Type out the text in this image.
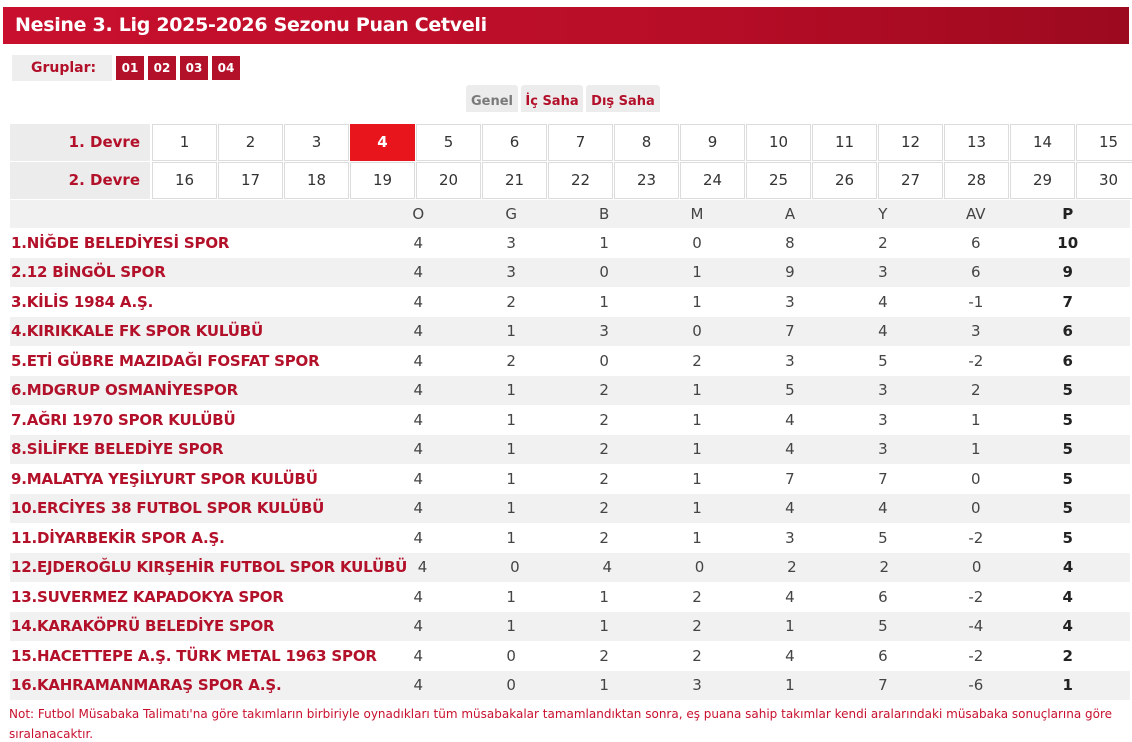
Nesine 3. Lig 2025-2026 Sezonu Puan Cetveli
Gruplar:	01	02	03	04
Genel İç Saha Dış Saha
1. Devre	1	2	3	4	5	6	7	8	9	10	11	12	13	14	15
2. Devre	16	17	18	19	20	21	22	23	24	25	26	27	28	29	30
O	G	B	M	A	Y	AV	P
1.NİĞDE BELEDİYESİ SPOR	4	3	1	0	8	2	6	10
2.12 BİNGÖL SPOR	4	3	0	1	9	3	6	9
3.KİLİS 1984 A.Ş.	4	2	1	1	3	4	-1	7
4.KIRIKKALE FK SPOR KULÜBÜ	4	1	3	0	7	4	3	6
5.ETİ GÜBRE MAZIDAĞI FOSFAT SPOR	4	2	0	2	3	5	-2	6
6.MDGRUP OSMANİYESPOR	4	1	2	1	5	3	2	5
7.AĞRI 1970 SPOR KULÜBÜ	4	1	2	1	4	3	1	5
8.SİLİFKE BELEDİYE SPOR	4	1	2	1	4	3	1	5
9.MALATYA YEŞİLYURT SPOR KULÜBÜ	4	1	2	1	7	7	0	5
10.ERCİYES 38 FUTBOL SPOR KULÜBÜ	4	1	2	1	4	4	0	5
11.DİYARBEKİR SPOR A.Ş.	4	1	2	1	3	5	-2	5
12.EJDEROĞLU KIRŞEHİR FUTBOL SPOR KULÜBÜ 4	0	4	0	2	2	0	4
13.SUVERMEZ KAPADOKYA SPOR	4	1	1	2	4	6	-2	4
14.KARAKÖPRÜ BELEDİYE SPOR	4	1	1	2	1	5	-4	4
15.HACETTEPE A.Ş. TÜRK METAL 1963 SPOR	4	0	2	2	4	6	-2	2
16.KAHRAMANMARAŞ SPOR A.Ş.	4	0	1	3	1	7	-6	1
Not: Futbol Müsabaka Talimatı'na göre takımların birbiriyle oynadıkları tüm müsabakalar tamamlandıktan sonra, eş puana sahip takımlar kendi aralarındaki müsabaka sonuçlarına göre sıralanacaktır.
